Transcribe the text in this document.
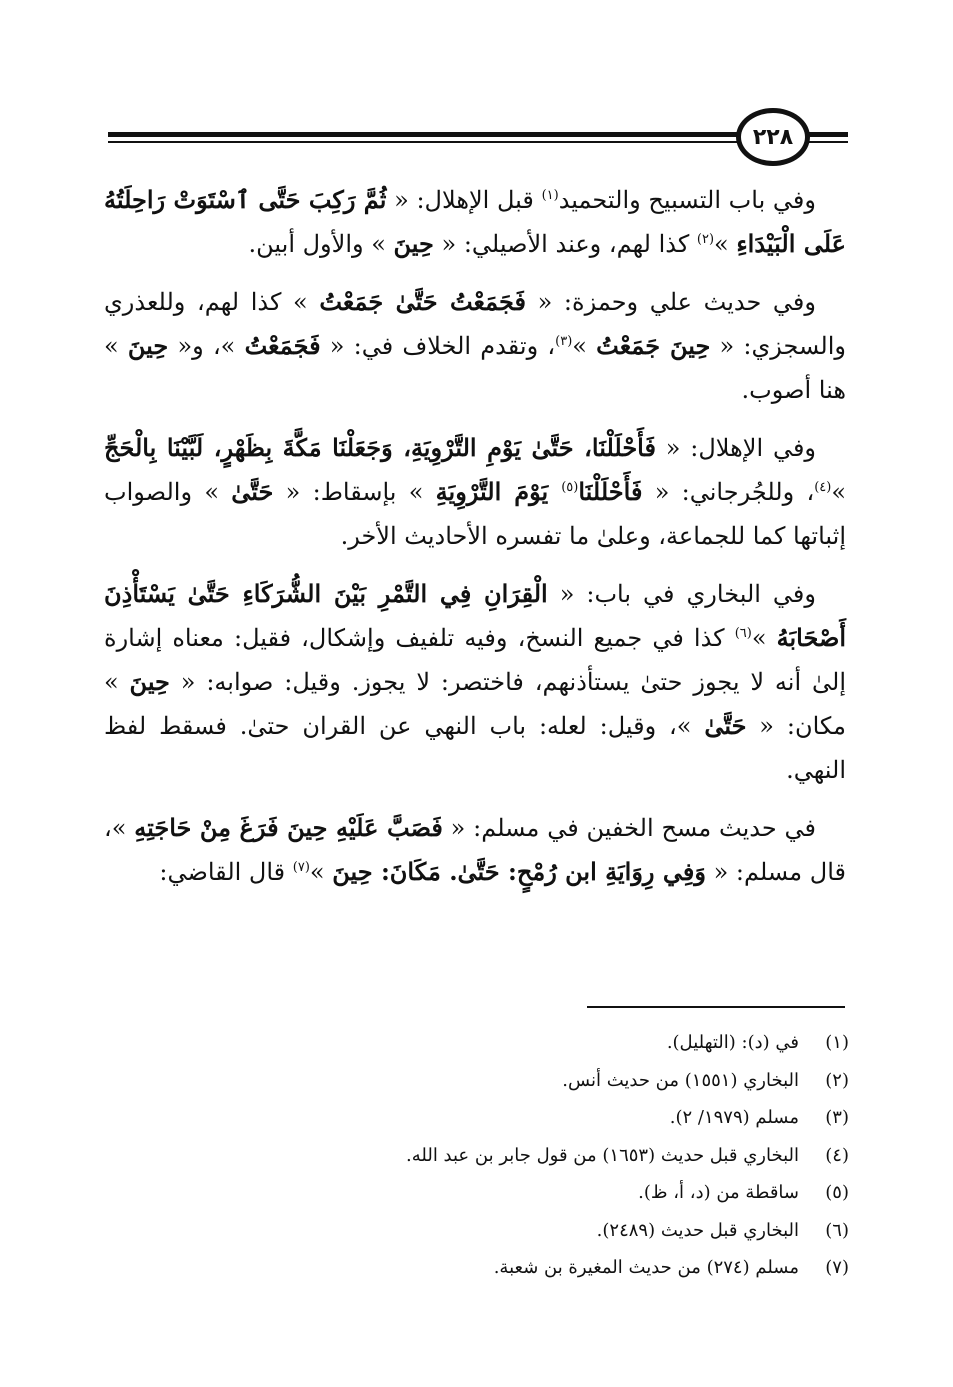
٢٢٨

وفي باب التسبيح والتحميد$^{(١)}$ قبل الإهلال: « ثُمَّ رَكِبَ حَتَّى ٱسْتَوَتْ رَاحِلَتُهُ عَلَى الْبَيْدَاءِ »$^{(٢)}$ كذا لهم، وعند الأصيلي: « حِينَ » والأول أبين.

وفي حديث علي وحمزة: « فَجَمَعْتُ حَتَّىٰ جَمَعْتُ » كذا لهم، وللعذري والسجزي: « حِينَ جَمَعْتُ »$^{(٣)}$، وتقدم الخلاف في: « فَجَمَعْتُ »، و« حِينَ » هنا أصوب.

وفي الإهلال: « فَأَحْلَلْنَا، حَتَّىٰ يَوْمِ التَّرْوِيَةِ، وَجَعَلْنَا مَكَّةَ بِظَهْرٍ، لَبَّيْنَا بِالْحَجِّ »$^{(٤)}$، وللجُرجاني: « فَأَحْلَلْنَا$^{(٥)}$ يَوْمَ التَّرْوِيَةِ » بإسقاط: « حَتَّىٰ » والصواب إثباتها كما للجماعة، وعلىٰ ما تفسره الأحاديث الأخر.

وفي البخاري في باب: « الْقِرَانِ فِي التَّمْرِ بَيْنَ الشُّرَكَاءِ حَتَّىٰ يَسْتَأْذِنَ أَصْحَابَهُ »$^{(٦)}$ كذا في جميع النسخ، وفيه تلفيف وإشكال، فقيل: معناه إشارة إلىٰ أنه لا يجوز حتىٰ يستأذنهم، فاختصر: لا يجوز. وقيل: صوابه: « حِينَ » مكان: « حَتَّىٰ »، وقيل: لعله: باب النهي عن القران حتىٰ. فسقط لفظ النهي.

في حديث مسح الخفين في مسلم: « فَصَبَّ عَلَيْهِ حِينَ فَرَغَ مِنْ حَاجَتِهِ »، قال مسلم: « وَفِي رِوَايَةِ ابن رُمْحٍ: حَتَّىٰ. مَكَانَ: حِينَ »$^{(٧)}$ قال القاضي:

(١)
في (د): (التهليل).
(٢)
البخاري (١٥٥١) من حديث أنس.
(٣)
مسلم (١٩٧٩/ ٢).
(٤)
البخاري قبل حديث (١٦٥٣) من قول جابر بن عبد الله.
(٥)
ساقطة من (د، أ، ظ).
(٦)
البخاري قبل حديث (٢٤٨٩).
(٧)
مسلم (٢٧٤) من حديث المغيرة بن شعبة.
